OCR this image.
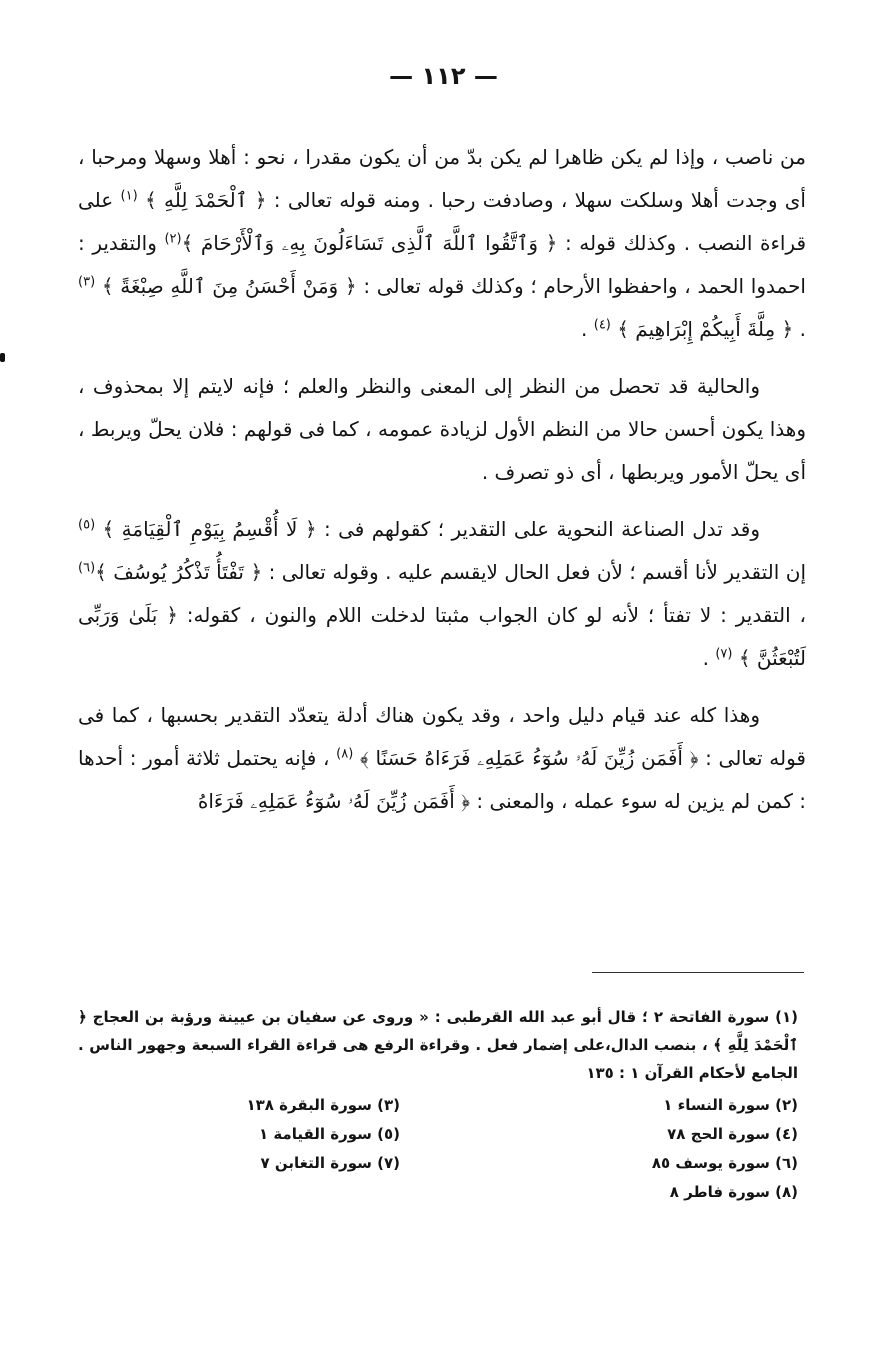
— ١١٢ —

من ناصب ، وإذا لم يكن ظاهرا لم يكن بدّ من أن يكون مقدرا ، نحو : أهلا وسهلا ومرحبا ، أى وجدت أهلا وسلكت سهلا ، وصادفت رحبا . ومنه قوله تعالى : ﴿ ٱلْحَمْدَ لِلَّهِ ﴾ $^{(١)}$ على قراءة النصب . وكذلك قوله : ﴿ وَٱتَّقُوا ٱللَّهَ ٱلَّذِى تَسَاءَلُونَ بِهِۦ وَٱلْأَرْحَامَ ﴾$^{(٢)}$ والتقدير : احمدوا الحمد ، واحفظوا الأرحام ؛ وكذلك قوله تعالى : ﴿ وَمَنْ أَحْسَنُ مِنَ ٱللَّهِ صِبْغَةً ﴾ $^{(٣)}$ . ﴿ مِلَّةَ أَبِيكُمْ إِبْرَاهِيمَ ﴾ $^{(٤)}$ .

والحالية قد تحصل من النظر إلى المعنى والنظر والعلم ؛ فإنه لايتم إلا بمحذوف ، وهذا يكون أحسن حالا من النظم الأول لزيادة عمومه ، كما فى قولهم : فلان يحلّ ويربط ، أى يحلّ الأمور ويربطها ، أى ذو تصرف .

وقد تدل الصناعة النحوية على التقدير ؛ كقولهم فى : ﴿ لَا أُقْسِمُ بِيَوْمِ ٱلْقِيَامَةِ ﴾ $^{(٥)}$ إن التقدير لأنا أقسم ؛ لأن فعل الحال لايقسم عليه . وقوله تعالى : ﴿ تَفْتَأُ تَذْكُرُ يُوسُفَ ﴾$^{(٦)}$ ، التقدير : لا تفتأ ؛ لأنه لو كان الجواب مثبتا لدخلت اللام والنون ، كقوله: ﴿ بَلَىٰ وَرَبِّى لَتُبْعَثُنَّ ﴾ $^{(٧)}$ .

وهذا كله عند قيام دليل واحد ، وقد يكون هناك أدلة يتعدّد التقدير بحسبها ، كما فى قوله تعالى : ﴿ أَفَمَن زُيِّنَ لَهُۥ سُوٓءُ عَمَلِهِۦ فَرَءَاهُ حَسَنًا ﴾ $^{(٨)}$ ، فإنه يحتمل ثلاثة أمور : أحدها : كمن لم يزين له سوء عمله ، والمعنى : ﴿ أَفَمَن زُيِّنَ لَهُۥ سُوٓءُ عَمَلِهِۦ فَرَءَاهُ

(١) سورة الفاتحة ٢ ؛ قال أبو عبد الله القرطبى : « وروى عن سفيان بن عيينة ورؤبة بن العجاج ﴿ ٱلْحَمْدَ لِلَّهِ ﴾ ، بنصب الدال،على إضمار فعل . وقراءة الرفع هى قراءة القراء السبعة وجهور الناس . الجامع لأحكام القرآن ١ : ١٣٥

(٢) سورة النساء ١
(٣) سورة البقرة ١٣٨
(٤) سورة الحج ٧٨
(٥) سورة القيامة ١
(٦) سورة يوسف ٨٥
(٧) سورة التغابن ٧
(٨) سورة فاطر ٨
